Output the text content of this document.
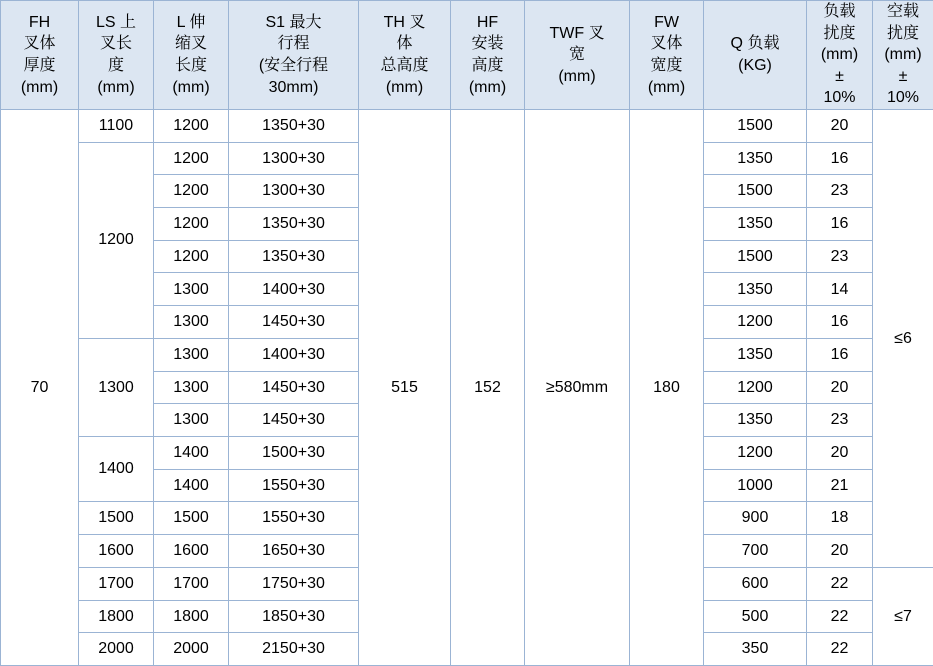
FH
叉体
厚度
(mm)	LS 上
叉长
度
(mm)	L 伸
缩叉
长度
(mm)	S1 最大
行程
(安全行程
30mm)	TH 叉
体
总高度
(mm)	HF
安装
高度
(mm)	TWF 叉
宽
(mm)	FW
叉体
宽度
(mm)	Q 负载
(KG)	负载
扰度
(mm)
±
10%	空载
扰度
(mm)
±
10%

70	1100	1200	1350+30	515	152	≥580mm	180	1500	20	≤6
	1200	1200	1300+30					1350	16	
		1200	1300+30					1500	23	
		1200	1350+30					1350	16	
		1200	1350+30					1500	23	
		1300	1400+30					1350	14	
		1300	1450+30					1200	16	
	1300	1300	1400+30					1350	16	
		1300	1450+30					1200	20	
		1300	1450+30					1350	23	
	1400	1400	1500+30					1200	20	
		1400	1550+30					1000	21	
	1500	1500	1550+30					900	18	
	1600	1600	1650+30					700	20	
	1700	1700	1750+30					600	22	≤7
	1800	1800	1850+30					500	22	
	2000	2000	2150+30					350	22	
